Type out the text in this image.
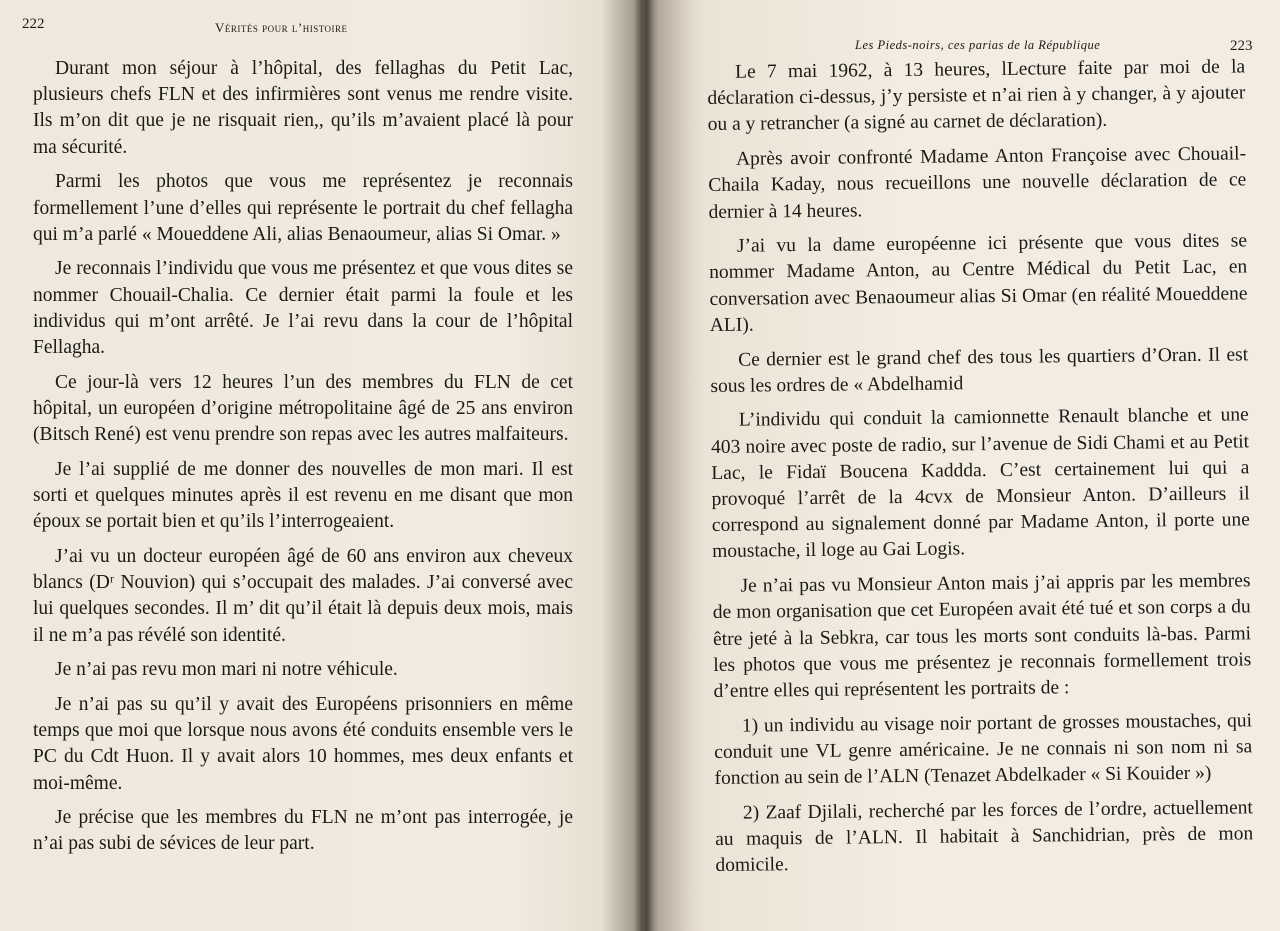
222	Vérités pour l’histoire

Durant mon séjour à l’hôpital, des fellaghas du Petit Lac, plusieurs chefs FLN et des infirmières sont venus me rendre visite. Ils m’on dit que je ne risquait rien,, qu’ils m’avaient placé là pour ma sécurité.

Parmi les photos que vous me représentez je reconnais formellement l’une d’elles qui représente le portrait du chef fellagha qui m’a parlé « Moueddene Ali, alias Benaoumeur, alias Si Omar. »

Je reconnais l’individu que vous me présentez et que vous dites se nommer Chouail-Chalia. Ce dernier était parmi la foule et les individus qui m’ont arrêté. Je l’ai revu dans la cour de l’hôpital Fellagha.

Ce jour-là vers 12 heures l’un des membres du FLN de cet hôpital, un européen d’origine métropolitaine âgé de 25 ans environ (Bitsch René) est venu prendre son repas avec les autres malfaiteurs.

Je l’ai supplié de me donner des nouvelles de mon mari. Il est sorti et quelques minutes après il est revenu en me disant que mon époux se portait bien et qu’ils l’interrogeaient.

J’ai vu un docteur européen âgé de 60 ans environ aux cheveux blancs (Dʳ Nouvion) qui s’occupait des malades. J’ai conversé avec lui quelques secondes. Il m’ dit qu’il était là depuis deux mois, mais il ne m’a pas révélé son identité.

Je n’ai pas revu mon mari ni notre véhicule.

Je n’ai pas su qu’il y avait des Européens prisonniers en même temps que moi que lorsque nous avons été conduits ensemble vers le PC du Cdt Huon. Il y avait alors 10 hommes, mes deux enfants et moi-même.

Je précise que les membres du FLN ne m’ont pas interrogée, je n’ai pas subi de sévices de leur part.

Les Pieds-noirs, ces parias de la République	223

Le 7 mai 1962, à 13 heures, lLecture faite par moi de la déclaration ci-dessus, j’y persiste et n’ai rien à y changer, à y ajouter ou a y retrancher (a signé au carnet de déclaration).

Après avoir confronté Madame Anton Françoise avec Chouail-Chaila Kaday, nous recueillons une nouvelle déclaration de ce dernier à 14 heures.

J’ai vu la dame européenne ici présente que vous dites se nommer Madame Anton, au Centre Médical du Petit Lac, en conversation avec Benaoumeur alias Si Omar (en réalité Moueddene ALI).

Ce dernier est le grand chef des tous les quartiers d’Oran. Il est sous les ordres de « Abdelhamid

L’individu qui conduit la camionnette Renault blanche et une 403 noire avec poste de radio, sur l’avenue de Sidi Chami et au Petit Lac, le Fidaï Boucena Kaddda. C’est certainement lui qui a provoqué l’arrêt de la 4cvx de Monsieur Anton. D’ailleurs il correspond au signalement donné par Madame Anton, il porte une moustache, il loge au Gai Logis.

Je n’ai pas vu Monsieur Anton mais j’ai appris par les membres de mon organisation que cet Européen avait été tué et son corps a du être jeté à la Sebkra, car tous les morts sont conduits là-bas. Parmi les photos que vous me présentez je reconnais formellement trois d’entre elles qui représentent les portraits de :

1) un individu au visage noir portant de grosses moustaches, qui conduit une VL genre américaine. Je ne connais ni son nom ni sa fonction au sein de l’ALN (Tenazet Abdelkader « Si Kouider »)

2) Zaaf Djilali, recherché par les forces de l’ordre, actuellement au maquis de l’ALN. Il habitait à Sanchidrian, près de mon domicile.
